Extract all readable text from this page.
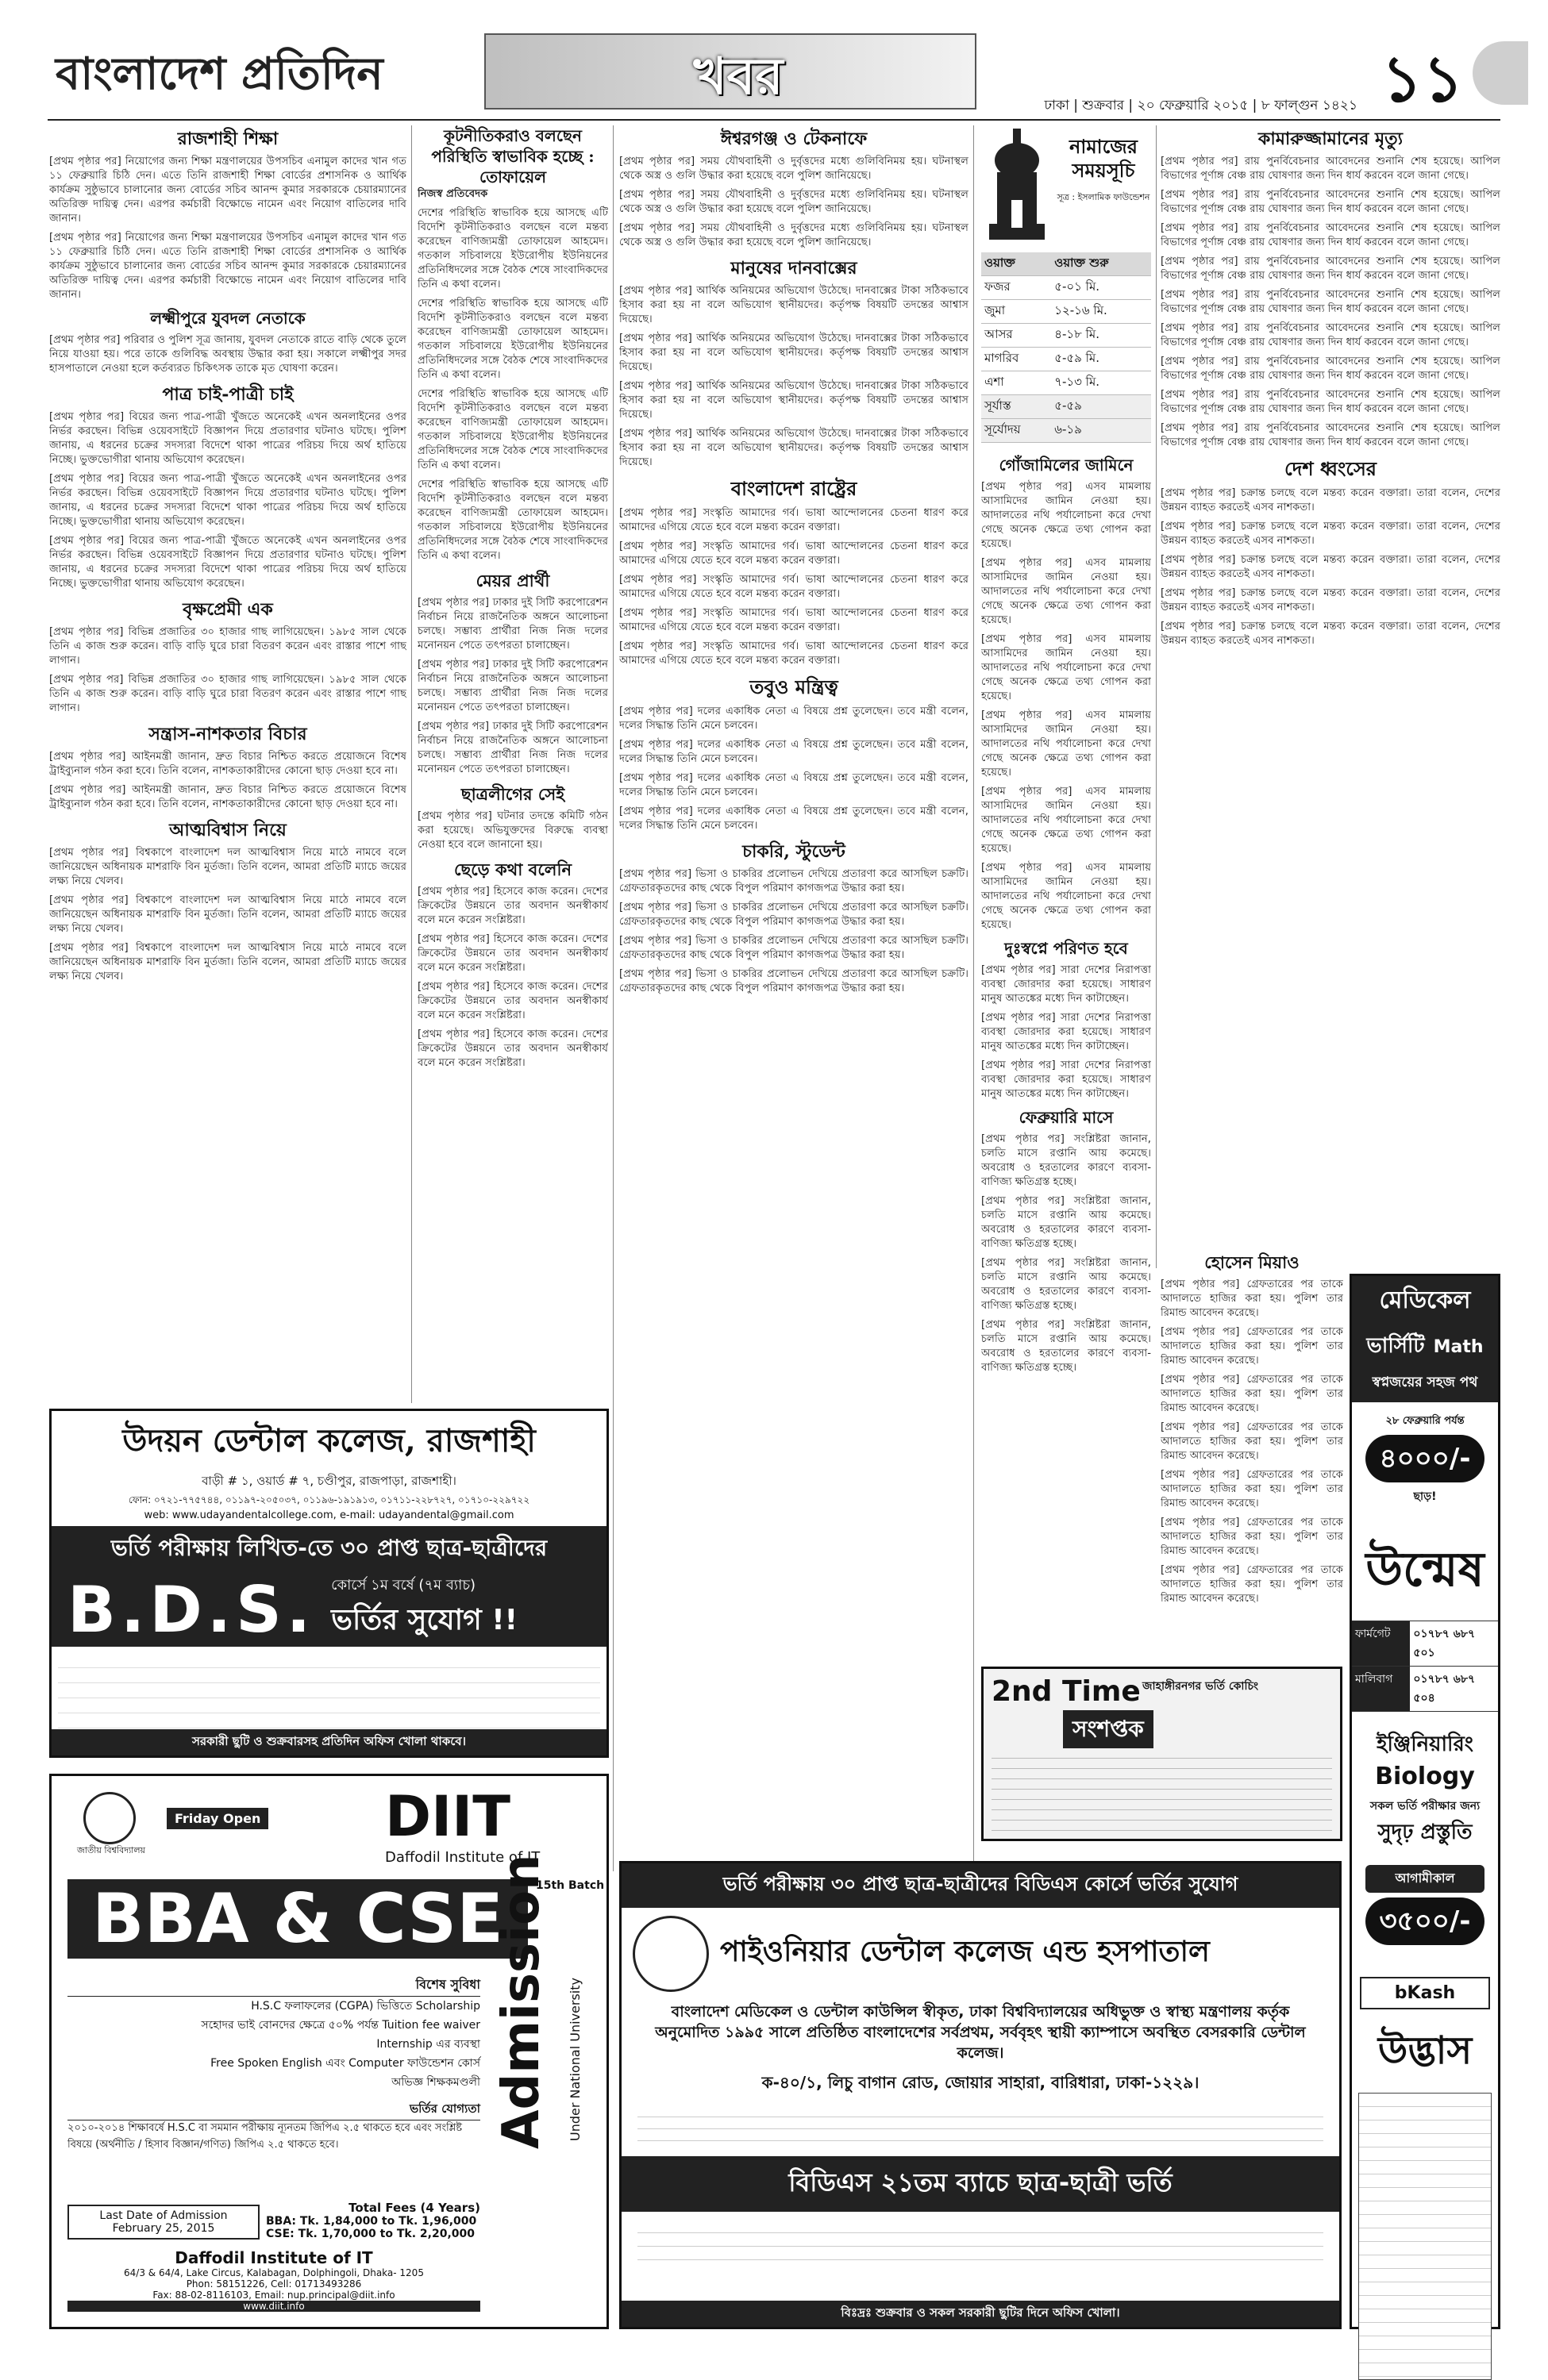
বাংলাদেশ প্রতিদিন	খবর	১১
ঢাকা | শুক্রবার | ২০ ফেব্রুয়ারি ২০১৫ | ৮ ফাল্গুন ১৪২১
রাজশাহী শিক্ষা

[প্রথম পৃষ্ঠার পর] নিয়োগের জন্য শিক্ষা মন্ত্রণালয়ের উপসচিব এনামুল কাদের খান গত ১১ ফেব্রুয়ারি চিঠি দেন। এতে তিনি রাজশাহী শিক্ষা বোর্ডের প্রশাসনিক ও আর্থিক কার্যক্রম সুষ্ঠুভাবে চালানোর জন্য বোর্ডের সচিব আনন্দ কুমার সরকারকে চেয়ারম্যানের অতিরিক্ত দায়িত্ব দেন। এরপর কর্মচারী বিক্ষোভে নামেন এবং নিয়োগ বাতিলের দাবি জানান।

[প্রথম পৃষ্ঠার পর] নিয়োগের জন্য শিক্ষা মন্ত্রণালয়ের উপসচিব এনামুল কাদের খান গত ১১ ফেব্রুয়ারি চিঠি দেন। এতে তিনি রাজশাহী শিক্ষা বোর্ডের প্রশাসনিক ও আর্থিক কার্যক্রম সুষ্ঠুভাবে চালানোর জন্য বোর্ডের সচিব আনন্দ কুমার সরকারকে চেয়ারম্যানের অতিরিক্ত দায়িত্ব দেন। এরপর কর্মচারী বিক্ষোভে নামেন এবং নিয়োগ বাতিলের দাবি জানান।

লক্ষ্মীপুরে যুবদল নেতাকে

[প্রথম পৃষ্ঠার পর] পরিবার ও পুলিশ সূত্র জানায়, যুবদল নেতাকে রাতে বাড়ি থেকে তুলে নিয়ে যাওয়া হয়। পরে তাকে গুলিবিদ্ধ অবস্থায় উদ্ধার করা হয়। সকালে লক্ষ্মীপুর সদর হাসপাতালে নেওয়া হলে কর্তব্যরত চিকিৎসক তাকে মৃত ঘোষণা করেন।

পাত্র চাই-পাত্রী চাই

[প্রথম পৃষ্ঠার পর] বিয়ের জন্য পাত্র-পাত্রী খুঁজতে অনেকেই এখন অনলাইনের ওপর নির্ভর করছেন। বিভিন্ন ওয়েবসাইটে বিজ্ঞাপন দিয়ে প্রতারণার ঘটনাও ঘটছে। পুলিশ জানায়, এ ধরনের চক্রের সদস্যরা বিদেশে থাকা পাত্রের পরিচয় দিয়ে অর্থ হাতিয়ে নিচ্ছে। ভুক্তভোগীরা থানায় অভিযোগ করেছেন।

[প্রথম পৃষ্ঠার পর] বিয়ের জন্য পাত্র-পাত্রী খুঁজতে অনেকেই এখন অনলাইনের ওপর নির্ভর করছেন। বিভিন্ন ওয়েবসাইটে বিজ্ঞাপন দিয়ে প্রতারণার ঘটনাও ঘটছে। পুলিশ জানায়, এ ধরনের চক্রের সদস্যরা বিদেশে থাকা পাত্রের পরিচয় দিয়ে অর্থ হাতিয়ে নিচ্ছে। ভুক্তভোগীরা থানায় অভিযোগ করেছেন।

[প্রথম পৃষ্ঠার পর] বিয়ের জন্য পাত্র-পাত্রী খুঁজতে অনেকেই এখন অনলাইনের ওপর নির্ভর করছেন। বিভিন্ন ওয়েবসাইটে বিজ্ঞাপন দিয়ে প্রতারণার ঘটনাও ঘটছে। পুলিশ জানায়, এ ধরনের চক্রের সদস্যরা বিদেশে থাকা পাত্রের পরিচয় দিয়ে অর্থ হাতিয়ে নিচ্ছে। ভুক্তভোগীরা থানায় অভিযোগ করেছেন।

বৃক্ষপ্রেমী এক

[প্রথম পৃষ্ঠার পর] বিভিন্ন প্রজাতির ৩০ হাজার গাছ লাগিয়েছেন। ১৯৮৫ সাল থেকে তিনি এ কাজ শুরু করেন। বাড়ি বাড়ি ঘুরে চারা বিতরণ করেন এবং রাস্তার পাশে গাছ লাগান।

[প্রথম পৃষ্ঠার পর] বিভিন্ন প্রজাতির ৩০ হাজার গাছ লাগিয়েছেন। ১৯৮৫ সাল থেকে তিনি এ কাজ শুরু করেন। বাড়ি বাড়ি ঘুরে চারা বিতরণ করেন এবং রাস্তার পাশে গাছ লাগান।

সন্ত্রাস-নাশকতার বিচার

[প্রথম পৃষ্ঠার পর] আইনমন্ত্রী জানান, দ্রুত বিচার নিশ্চিত করতে প্রয়োজনে বিশেষ ট্রাইব্যুনাল গঠন করা হবে। তিনি বলেন, নাশকতাকারীদের কোনো ছাড় দেওয়া হবে না।

[প্রথম পৃষ্ঠার পর] আইনমন্ত্রী জানান, দ্রুত বিচার নিশ্চিত করতে প্রয়োজনে বিশেষ ট্রাইব্যুনাল গঠন করা হবে। তিনি বলেন, নাশকতাকারীদের কোনো ছাড় দেওয়া হবে না।

আত্মবিশ্বাস নিয়ে

[প্রথম পৃষ্ঠার পর] বিশ্বকাপে বাংলাদেশ দল আত্মবিশ্বাস নিয়ে মাঠে নামবে বলে জানিয়েছেন অধিনায়ক মাশরাফি বিন মুর্তজা। তিনি বলেন, আমরা প্রতিটি ম্যাচে জয়ের লক্ষ্য নিয়ে খেলব।

[প্রথম পৃষ্ঠার পর] বিশ্বকাপে বাংলাদেশ দল আত্মবিশ্বাস নিয়ে মাঠে নামবে বলে জানিয়েছেন অধিনায়ক মাশরাফি বিন মুর্তজা। তিনি বলেন, আমরা প্রতিটি ম্যাচে জয়ের লক্ষ্য নিয়ে খেলব।

[প্রথম পৃষ্ঠার পর] বিশ্বকাপে বাংলাদেশ দল আত্মবিশ্বাস নিয়ে মাঠে নামবে বলে জানিয়েছেন অধিনায়ক মাশরাফি বিন মুর্তজা। তিনি বলেন, আমরা প্রতিটি ম্যাচে জয়ের লক্ষ্য নিয়ে খেলব।

কূটনীতিকরাও বলছেন পরিস্থিতি স্বাভাবিক হচ্ছে : তোফায়েল

নিজস্ব প্রতিবেদক

দেশের পরিস্থিতি স্বাভাবিক হয়ে আসছে এটি বিদেশি কূটনীতিকরাও বলছেন বলে মন্তব্য করেছেন বাণিজ্যমন্ত্রী তোফায়েল আহমেদ। গতকাল সচিবালয়ে ইউরোপীয় ইউনিয়নের প্রতিনিধিদলের সঙ্গে বৈঠক শেষে সাংবাদিকদের তিনি এ কথা বলেন।

দেশের পরিস্থিতি স্বাভাবিক হয়ে আসছে এটি বিদেশি কূটনীতিকরাও বলছেন বলে মন্তব্য করেছেন বাণিজ্যমন্ত্রী তোফায়েল আহমেদ। গতকাল সচিবালয়ে ইউরোপীয় ইউনিয়নের প্রতিনিধিদলের সঙ্গে বৈঠক শেষে সাংবাদিকদের তিনি এ কথা বলেন।

দেশের পরিস্থিতি স্বাভাবিক হয়ে আসছে এটি বিদেশি কূটনীতিকরাও বলছেন বলে মন্তব্য করেছেন বাণিজ্যমন্ত্রী তোফায়েল আহমেদ। গতকাল সচিবালয়ে ইউরোপীয় ইউনিয়নের প্রতিনিধিদলের সঙ্গে বৈঠক শেষে সাংবাদিকদের তিনি এ কথা বলেন।

দেশের পরিস্থিতি স্বাভাবিক হয়ে আসছে এটি বিদেশি কূটনীতিকরাও বলছেন বলে মন্তব্য করেছেন বাণিজ্যমন্ত্রী তোফায়েল আহমেদ। গতকাল সচিবালয়ে ইউরোপীয় ইউনিয়নের প্রতিনিধিদলের সঙ্গে বৈঠক শেষে সাংবাদিকদের তিনি এ কথা বলেন।

মেয়র প্রার্থী

[প্রথম পৃষ্ঠার পর] ঢাকার দুই সিটি করপোরেশন নির্বাচন নিয়ে রাজনৈতিক অঙ্গনে আলোচনা চলছে। সম্ভাব্য প্রার্থীরা নিজ নিজ দলের মনোনয়ন পেতে তৎপরতা চালাচ্ছেন।

[প্রথম পৃষ্ঠার পর] ঢাকার দুই সিটি করপোরেশন নির্বাচন নিয়ে রাজনৈতিক অঙ্গনে আলোচনা চলছে। সম্ভাব্য প্রার্থীরা নিজ নিজ দলের মনোনয়ন পেতে তৎপরতা চালাচ্ছেন।

[প্রথম পৃষ্ঠার পর] ঢাকার দুই সিটি করপোরেশন নির্বাচন নিয়ে রাজনৈতিক অঙ্গনে আলোচনা চলছে। সম্ভাব্য প্রার্থীরা নিজ নিজ দলের মনোনয়ন পেতে তৎপরতা চালাচ্ছেন।

ছাত্রলীগের সেই

[প্রথম পৃষ্ঠার পর] ঘটনার তদন্তে কমিটি গঠন করা হয়েছে। অভিযুক্তদের বিরুদ্ধে ব্যবস্থা নেওয়া হবে বলে জানানো হয়।

ছেড়ে কথা বলেনি

[প্রথম পৃষ্ঠার পর] হিসেবে কাজ করেন। দেশের ক্রিকেটের উন্নয়নে তার অবদান অনস্বীকার্য বলে মনে করেন সংশ্লিষ্টরা।

[প্রথম পৃষ্ঠার পর] হিসেবে কাজ করেন। দেশের ক্রিকেটের উন্নয়নে তার অবদান অনস্বীকার্য বলে মনে করেন সংশ্লিষ্টরা।

[প্রথম পৃষ্ঠার পর] হিসেবে কাজ করেন। দেশের ক্রিকেটের উন্নয়নে তার অবদান অনস্বীকার্য বলে মনে করেন সংশ্লিষ্টরা।

[প্রথম পৃষ্ঠার পর] হিসেবে কাজ করেন। দেশের ক্রিকেটের উন্নয়নে তার অবদান অনস্বীকার্য বলে মনে করেন সংশ্লিষ্টরা।

ঈশ্বরগঞ্জ ও টেকনাফে

[প্রথম পৃষ্ঠার পর] সময় যৌথবাহিনী ও দুর্বৃত্তদের মধ্যে গুলিবিনিময় হয়। ঘটনাস্থল থেকে অস্ত্র ও গুলি উদ্ধার করা হয়েছে বলে পুলিশ জানিয়েছে।

[প্রথম পৃষ্ঠার পর] সময় যৌথবাহিনী ও দুর্বৃত্তদের মধ্যে গুলিবিনিময় হয়। ঘটনাস্থল থেকে অস্ত্র ও গুলি উদ্ধার করা হয়েছে বলে পুলিশ জানিয়েছে।

[প্রথম পৃষ্ঠার পর] সময় যৌথবাহিনী ও দুর্বৃত্তদের মধ্যে গুলিবিনিময় হয়। ঘটনাস্থল থেকে অস্ত্র ও গুলি উদ্ধার করা হয়েছে বলে পুলিশ জানিয়েছে।

মানুষের দানবাক্সের

[প্রথম পৃষ্ঠার পর] আর্থিক অনিয়মের অভিযোগ উঠেছে। দানবাক্সের টাকা সঠিকভাবে হিসাব করা হয় না বলে অভিযোগ স্থানীয়দের। কর্তৃপক্ষ বিষয়টি তদন্তের আশ্বাস দিয়েছে।

[প্রথম পৃষ্ঠার পর] আর্থিক অনিয়মের অভিযোগ উঠেছে। দানবাক্সের টাকা সঠিকভাবে হিসাব করা হয় না বলে অভিযোগ স্থানীয়দের। কর্তৃপক্ষ বিষয়টি তদন্তের আশ্বাস দিয়েছে।

[প্রথম পৃষ্ঠার পর] আর্থিক অনিয়মের অভিযোগ উঠেছে। দানবাক্সের টাকা সঠিকভাবে হিসাব করা হয় না বলে অভিযোগ স্থানীয়দের। কর্তৃপক্ষ বিষয়টি তদন্তের আশ্বাস দিয়েছে।

[প্রথম পৃষ্ঠার পর] আর্থিক অনিয়মের অভিযোগ উঠেছে। দানবাক্সের টাকা সঠিকভাবে হিসাব করা হয় না বলে অভিযোগ স্থানীয়দের। কর্তৃপক্ষ বিষয়টি তদন্তের আশ্বাস দিয়েছে।

বাংলাদেশ রাষ্ট্রের

[প্রথম পৃষ্ঠার পর] সংস্কৃতি আমাদের গর্ব। ভাষা আন্দোলনের চেতনা ধারণ করে আমাদের এগিয়ে যেতে হবে বলে মন্তব্য করেন বক্তারা।

[প্রথম পৃষ্ঠার পর] সংস্কৃতি আমাদের গর্ব। ভাষা আন্দোলনের চেতনা ধারণ করে আমাদের এগিয়ে যেতে হবে বলে মন্তব্য করেন বক্তারা।

[প্রথম পৃষ্ঠার পর] সংস্কৃতি আমাদের গর্ব। ভাষা আন্দোলনের চেতনা ধারণ করে আমাদের এগিয়ে যেতে হবে বলে মন্তব্য করেন বক্তারা।

[প্রথম পৃষ্ঠার পর] সংস্কৃতি আমাদের গর্ব। ভাষা আন্দোলনের চেতনা ধারণ করে আমাদের এগিয়ে যেতে হবে বলে মন্তব্য করেন বক্তারা।

[প্রথম পৃষ্ঠার পর] সংস্কৃতি আমাদের গর্ব। ভাষা আন্দোলনের চেতনা ধারণ করে আমাদের এগিয়ে যেতে হবে বলে মন্তব্য করেন বক্তারা।

তবুও মন্ত্রিত্ব

[প্রথম পৃষ্ঠার পর] দলের একাধিক নেতা এ বিষয়ে প্রশ্ন তুলেছেন। তবে মন্ত্রী বলেন, দলের সিদ্ধান্ত তিনি মেনে চলবেন।

[প্রথম পৃষ্ঠার পর] দলের একাধিক নেতা এ বিষয়ে প্রশ্ন তুলেছেন। তবে মন্ত্রী বলেন, দলের সিদ্ধান্ত তিনি মেনে চলবেন।

[প্রথম পৃষ্ঠার পর] দলের একাধিক নেতা এ বিষয়ে প্রশ্ন তুলেছেন। তবে মন্ত্রী বলেন, দলের সিদ্ধান্ত তিনি মেনে চলবেন।

[প্রথম পৃষ্ঠার পর] দলের একাধিক নেতা এ বিষয়ে প্রশ্ন তুলেছেন। তবে মন্ত্রী বলেন, দলের সিদ্ধান্ত তিনি মেনে চলবেন।

চাকরি, স্টুডেন্ট

[প্রথম পৃষ্ঠার পর] ভিসা ও চাকরির প্রলোভন দেখিয়ে প্রতারণা করে আসছিল চক্রটি। গ্রেফতারকৃতদের কাছ থেকে বিপুল পরিমাণ কাগজপত্র উদ্ধার করা হয়।

[প্রথম পৃষ্ঠার পর] ভিসা ও চাকরির প্রলোভন দেখিয়ে প্রতারণা করে আসছিল চক্রটি। গ্রেফতারকৃতদের কাছ থেকে বিপুল পরিমাণ কাগজপত্র উদ্ধার করা হয়।

[প্রথম পৃষ্ঠার পর] ভিসা ও চাকরির প্রলোভন দেখিয়ে প্রতারণা করে আসছিল চক্রটি। গ্রেফতারকৃতদের কাছ থেকে বিপুল পরিমাণ কাগজপত্র উদ্ধার করা হয়।

[প্রথম পৃষ্ঠার পর] ভিসা ও চাকরির প্রলোভন দেখিয়ে প্রতারণা করে আসছিল চক্রটি। গ্রেফতারকৃতদের কাছ থেকে বিপুল পরিমাণ কাগজপত্র উদ্ধার করা হয়।

নামাজের সময়সূচি
সূত্র : ইসলামিক ফাউন্ডেশন
ওয়াক্ত	ওয়াক্ত শুরু
ফজর	৫-০১ মি.
জুমা	১২-১৬ মি.
আসর	৪-১৮ মি.
মাগরিব	৫-৫৯ মি.
এশা	৭-১৩ মি.
সূর্যাস্ত	৫-৫৯
সূর্যোদয়	৬-১৯
গোঁজামিলের জামিনে

[প্রথম পৃষ্ঠার পর] এসব মামলায় আসামিদের জামিন নেওয়া হয়। আদালতের নথি পর্যালোচনা করে দেখা গেছে অনেক ক্ষেত্রে তথ্য গোপন করা হয়েছে।

[প্রথম পৃষ্ঠার পর] এসব মামলায় আসামিদের জামিন নেওয়া হয়। আদালতের নথি পর্যালোচনা করে দেখা গেছে অনেক ক্ষেত্রে তথ্য গোপন করা হয়েছে।

[প্রথম পৃষ্ঠার পর] এসব মামলায় আসামিদের জামিন নেওয়া হয়। আদালতের নথি পর্যালোচনা করে দেখা গেছে অনেক ক্ষেত্রে তথ্য গোপন করা হয়েছে।

[প্রথম পৃষ্ঠার পর] এসব মামলায় আসামিদের জামিন নেওয়া হয়। আদালতের নথি পর্যালোচনা করে দেখা গেছে অনেক ক্ষেত্রে তথ্য গোপন করা হয়েছে।

[প্রথম পৃষ্ঠার পর] এসব মামলায় আসামিদের জামিন নেওয়া হয়। আদালতের নথি পর্যালোচনা করে দেখা গেছে অনেক ক্ষেত্রে তথ্য গোপন করা হয়েছে।

[প্রথম পৃষ্ঠার পর] এসব মামলায় আসামিদের জামিন নেওয়া হয়। আদালতের নথি পর্যালোচনা করে দেখা গেছে অনেক ক্ষেত্রে তথ্য গোপন করা হয়েছে।

দুঃস্বপ্নে পরিণত হবে

[প্রথম পৃষ্ঠার পর] সারা দেশের নিরাপত্তা ব্যবস্থা জোরদার করা হয়েছে। সাধারণ মানুষ আতঙ্কের মধ্যে দিন কাটাচ্ছেন।

[প্রথম পৃষ্ঠার পর] সারা দেশের নিরাপত্তা ব্যবস্থা জোরদার করা হয়েছে। সাধারণ মানুষ আতঙ্কের মধ্যে দিন কাটাচ্ছেন।

[প্রথম পৃষ্ঠার পর] সারা দেশের নিরাপত্তা ব্যবস্থা জোরদার করা হয়েছে। সাধারণ মানুষ আতঙ্কের মধ্যে দিন কাটাচ্ছেন।

ফেব্রুয়ারি মাসে

[প্রথম পৃষ্ঠার পর] সংশ্লিষ্টরা জানান, চলতি মাসে রপ্তানি আয় কমেছে। অবরোধ ও হরতালের কারণে ব্যবসা-বাণিজ্য ক্ষতিগ্রস্ত হচ্ছে।

[প্রথম পৃষ্ঠার পর] সংশ্লিষ্টরা জানান, চলতি মাসে রপ্তানি আয় কমেছে। অবরোধ ও হরতালের কারণে ব্যবসা-বাণিজ্য ক্ষতিগ্রস্ত হচ্ছে।

[প্রথম পৃষ্ঠার পর] সংশ্লিষ্টরা জানান, চলতি মাসে রপ্তানি আয় কমেছে। অবরোধ ও হরতালের কারণে ব্যবসা-বাণিজ্য ক্ষতিগ্রস্ত হচ্ছে।

[প্রথম পৃষ্ঠার পর] সংশ্লিষ্টরা জানান, চলতি মাসে রপ্তানি আয় কমেছে। অবরোধ ও হরতালের কারণে ব্যবসা-বাণিজ্য ক্ষতিগ্রস্ত হচ্ছে।

কামারুজ্জামানের মৃত্যু

[প্রথম পৃষ্ঠার পর] রায় পুনর্বিবেচনার আবেদনের শুনানি শেষ হয়েছে। আপিল বিভাগের পূর্ণাঙ্গ বেঞ্চ রায় ঘোষণার জন্য দিন ধার্য করবেন বলে জানা গেছে।

[প্রথম পৃষ্ঠার পর] রায় পুনর্বিবেচনার আবেদনের শুনানি শেষ হয়েছে। আপিল বিভাগের পূর্ণাঙ্গ বেঞ্চ রায় ঘোষণার জন্য দিন ধার্য করবেন বলে জানা গেছে।

[প্রথম পৃষ্ঠার পর] রায় পুনর্বিবেচনার আবেদনের শুনানি শেষ হয়েছে। আপিল বিভাগের পূর্ণাঙ্গ বেঞ্চ রায় ঘোষণার জন্য দিন ধার্য করবেন বলে জানা গেছে।

[প্রথম পৃষ্ঠার পর] রায় পুনর্বিবেচনার আবেদনের শুনানি শেষ হয়েছে। আপিল বিভাগের পূর্ণাঙ্গ বেঞ্চ রায় ঘোষণার জন্য দিন ধার্য করবেন বলে জানা গেছে।

[প্রথম পৃষ্ঠার পর] রায় পুনর্বিবেচনার আবেদনের শুনানি শেষ হয়েছে। আপিল বিভাগের পূর্ণাঙ্গ বেঞ্চ রায় ঘোষণার জন্য দিন ধার্য করবেন বলে জানা গেছে।

[প্রথম পৃষ্ঠার পর] রায় পুনর্বিবেচনার আবেদনের শুনানি শেষ হয়েছে। আপিল বিভাগের পূর্ণাঙ্গ বেঞ্চ রায় ঘোষণার জন্য দিন ধার্য করবেন বলে জানা গেছে।

[প্রথম পৃষ্ঠার পর] রায় পুনর্বিবেচনার আবেদনের শুনানি শেষ হয়েছে। আপিল বিভাগের পূর্ণাঙ্গ বেঞ্চ রায় ঘোষণার জন্য দিন ধার্য করবেন বলে জানা গেছে।

[প্রথম পৃষ্ঠার পর] রায় পুনর্বিবেচনার আবেদনের শুনানি শেষ হয়েছে। আপিল বিভাগের পূর্ণাঙ্গ বেঞ্চ রায় ঘোষণার জন্য দিন ধার্য করবেন বলে জানা গেছে।

[প্রথম পৃষ্ঠার পর] রায় পুনর্বিবেচনার আবেদনের শুনানি শেষ হয়েছে। আপিল বিভাগের পূর্ণাঙ্গ বেঞ্চ রায় ঘোষণার জন্য দিন ধার্য করবেন বলে জানা গেছে।

দেশ ধ্বংসের

[প্রথম পৃষ্ঠার পর] চক্রান্ত চলছে বলে মন্তব্য করেন বক্তারা। তারা বলেন, দেশের উন্নয়ন ব্যাহত করতেই এসব নাশকতা।

[প্রথম পৃষ্ঠার পর] চক্রান্ত চলছে বলে মন্তব্য করেন বক্তারা। তারা বলেন, দেশের উন্নয়ন ব্যাহত করতেই এসব নাশকতা।

[প্রথম পৃষ্ঠার পর] চক্রান্ত চলছে বলে মন্তব্য করেন বক্তারা। তারা বলেন, দেশের উন্নয়ন ব্যাহত করতেই এসব নাশকতা।

[প্রথম পৃষ্ঠার পর] চক্রান্ত চলছে বলে মন্তব্য করেন বক্তারা। তারা বলেন, দেশের উন্নয়ন ব্যাহত করতেই এসব নাশকতা।

[প্রথম পৃষ্ঠার পর] চক্রান্ত চলছে বলে মন্তব্য করেন বক্তারা। তারা বলেন, দেশের উন্নয়ন ব্যাহত করতেই এসব নাশকতা।

হোসেন মিয়াও

[প্রথম পৃষ্ঠার পর] গ্রেফতারের পর তাকে আদালতে হাজির করা হয়। পুলিশ তার রিমান্ড আবেদন করেছে।

[প্রথম পৃষ্ঠার পর] গ্রেফতারের পর তাকে আদালতে হাজির করা হয়। পুলিশ তার রিমান্ড আবেদন করেছে।

[প্রথম পৃষ্ঠার পর] গ্রেফতারের পর তাকে আদালতে হাজির করা হয়। পুলিশ তার রিমান্ড আবেদন করেছে।

[প্রথম পৃষ্ঠার পর] গ্রেফতারের পর তাকে আদালতে হাজির করা হয়। পুলিশ তার রিমান্ড আবেদন করেছে।

[প্রথম পৃষ্ঠার পর] গ্রেফতারের পর তাকে আদালতে হাজির করা হয়। পুলিশ তার রিমান্ড আবেদন করেছে।

[প্রথম পৃষ্ঠার পর] গ্রেফতারের পর তাকে আদালতে হাজির করা হয়। পুলিশ তার রিমান্ড আবেদন করেছে।

[প্রথম পৃষ্ঠার পর] গ্রেফতারের পর তাকে আদালতে হাজির করা হয়। পুলিশ তার রিমান্ড আবেদন করেছে।

মেডিকেল
ভার্সিটি Math
স্বপ্নজয়ের সহজ পথ
২৮ ফেব্রুয়ারি পর্যন্ত
৪০০০/-
ছাড়!
উন্মেষ
ফার্মগেট	০১৭৮৭ ৬৮৭ ৫০১
মালিবাগ	০১৭৮৭ ৬৮৭ ৫০৪
ইঞ্জিনিয়ারিং
Biology
সকল ভর্তি পরীক্ষার জন্য
সুদৃঢ় প্রস্তুতি
আগামীকাল
৩৫০০/-
bKash
উদ্ভাস
উদয়ন ডেন্টাল কলেজ, রাজশাহী
বাড়ী # ১, ওয়ার্ড # ৭, চণ্ডীপুর, রাজপাড়া, রাজশাহী।
ফোন: ০৭২১-৭৭৫৭৪৪, ০১১৯৭-২০৫০৩৭, ০১১৯৬-১৯১৯১৩, ০১৭১১-২২৮৭২৭, ০১৭১০-২২৯৭২২
web: www.udayandentalcollege.com, e-mail: udayandental@gmail.com
ভর্তি পরীক্ষায় লিখিত-তে ৩০ প্রাপ্ত ছাত্র-ছাত্রীদের
B.D.S.	কোর্সে ১ম বর্ষে (৭ম ব্যাচ)
ভর্তির সুযোগ !!
সরকারী ছুটি ও শুক্রবারসহ প্রতিদিন অফিস খোলা থাকবে।
জাতীয় বিশ্ববিদ্যালয়
Friday Open DIIT
Daffodil Institute of IT
BBA & CSE	15th Batch
Admission Under National University
বিশেষ সুবিধা
H.S.C ফলাফলের (CGPA) ভিত্তিতে Scholarship
সহোদর ভাই বোনদের ক্ষেত্রে ৫০% পর্যন্ত Tuition fee waiver
Internship এর ব্যবস্থা
Free Spoken English এবং Computer ফাউন্ডেশন কোর্স
অভিজ্ঞ শিক্ষকমণ্ডলী
ভর্তির যোগ্যতা
২০১০-২০১৪ শিক্ষাবর্ষে H.S.C বা সমমান পরীক্ষায় ন্যূনতম জিপিএ ২.৫ থাকতে হবে এবং সংশ্লিষ্ট বিষয়ে (অর্থনীতি / হিসাব বিজ্ঞান/গণিত) জিপিএ ২.৫ থাকতে হবে।
Last Date of Admission
February 25, 2015
Total Fees (4 Years)
BBA: Tk. 1,84,000 to Tk. 1,96,000
CSE: Tk. 1,70,000 to Tk. 2,20,000
Daffodil Institute of IT
64/3 & 64/4, Lake Circus, Kalabagan, Dolphingoli, Dhaka- 1205
Phon: 58151226, Cell: 01713493286
Fax: 88-02-8116103, Email: nup.principal@diit.info
www.diit.info
2nd Time জাহাঙ্গীরনগর ভর্তি কোচিং
সংশপ্তক
ভর্তি পরীক্ষায় ৩০ প্রাপ্ত ছাত্র-ছাত্রীদের বিডিএস কোর্সে ভর্তির সুযোগ
পাইওনিয়ার ডেন্টাল কলেজ এন্ড হসপাতাল
বাংলাদেশ মেডিকেল ও ডেন্টাল কাউন্সিল স্বীকৃত, ঢাকা বিশ্ববিদ্যালয়ের অধিভুক্ত ও স্বাস্থ্য মন্ত্রণালয় কর্তৃক অনুমোদিত ১৯৯৫ সালে প্রতিষ্ঠিত বাংলাদেশের সর্বপ্রথম, সর্ববৃহৎ স্থায়ী ক্যাম্পাসে অবস্থিত বেসরকারি ডেন্টাল কলেজ।
ক-৪০/১, লিচু বাগান রোড, জোয়ার সাহারা, বারিধারা, ঢাকা-১২২৯।
বিডিএস ২১তম ব্যাচে ছাত্র-ছাত্রী ভর্তি
বিঃদ্রঃ শুক্রবার ও সকল সরকারী ছুটির দিনে অফিস খোলা।
